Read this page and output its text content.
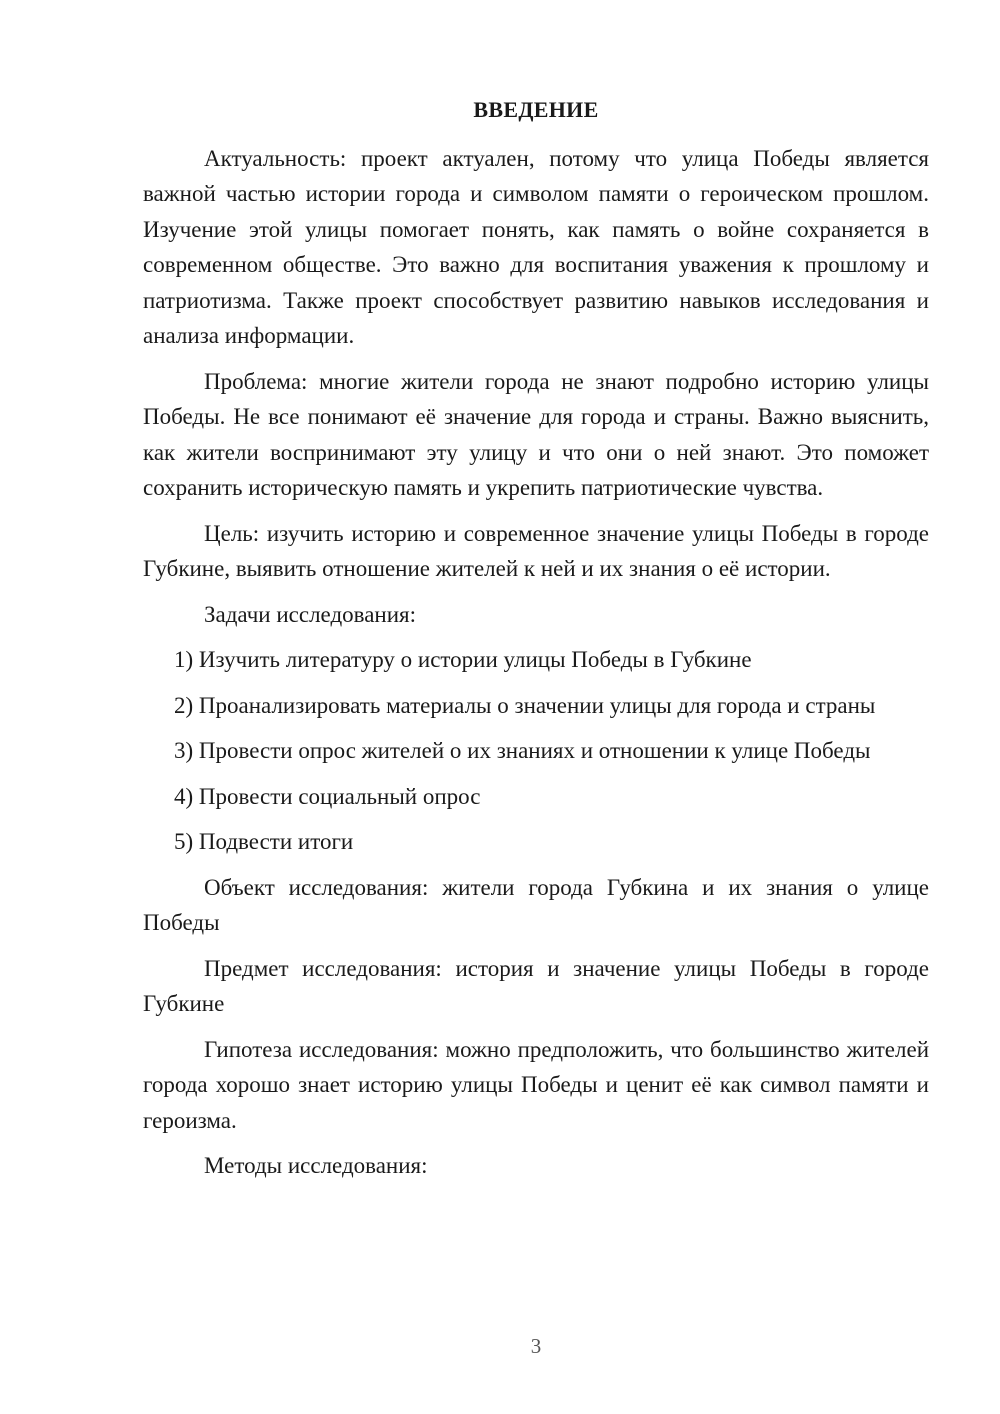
ВВЕДЕНИЕ

Актуальность: проект актуален, потому что улица Победы является важной частью истории города и символом памяти о героическом прошлом. Изучение этой улицы помогает понять, как память о войне сохраняется в современном обществе. Это важно для воспитания уважения к прошлому и патриотизма. Также проект способствует развитию навыков исследования и анализа информации.

Проблема: многие жители города не знают подробно историю улицы Победы. Не все понимают её значение для города и страны. Важно выяснить, как жители воспринимают эту улицу и что они о ней знают. Это поможет сохранить историческую память и укрепить патриотические чувства.

Цель: изучить историю и современное значение улицы Победы в городе Губкине, выявить отношение жителей к ней и их знания о её истории.

Задачи исследования:

1) Изучить литературу о истории улицы Победы в Губкине

2) Проанализировать материалы о значении улицы для города и страны

3) Провести опрос жителей о их знаниях и отношении к улице Победы

4) Провести социальный опрос

5) Подвести итоги

Объект исследования: жители города Губкина и их знания о улице Победы

Предмет исследования: история и значение улицы Победы в городе Губкине

Гипотеза исследования: можно предположить, что большинство жителей города хорошо знает историю улицы Победы и ценит её как символ памяти и героизма.

Методы исследования:

3
